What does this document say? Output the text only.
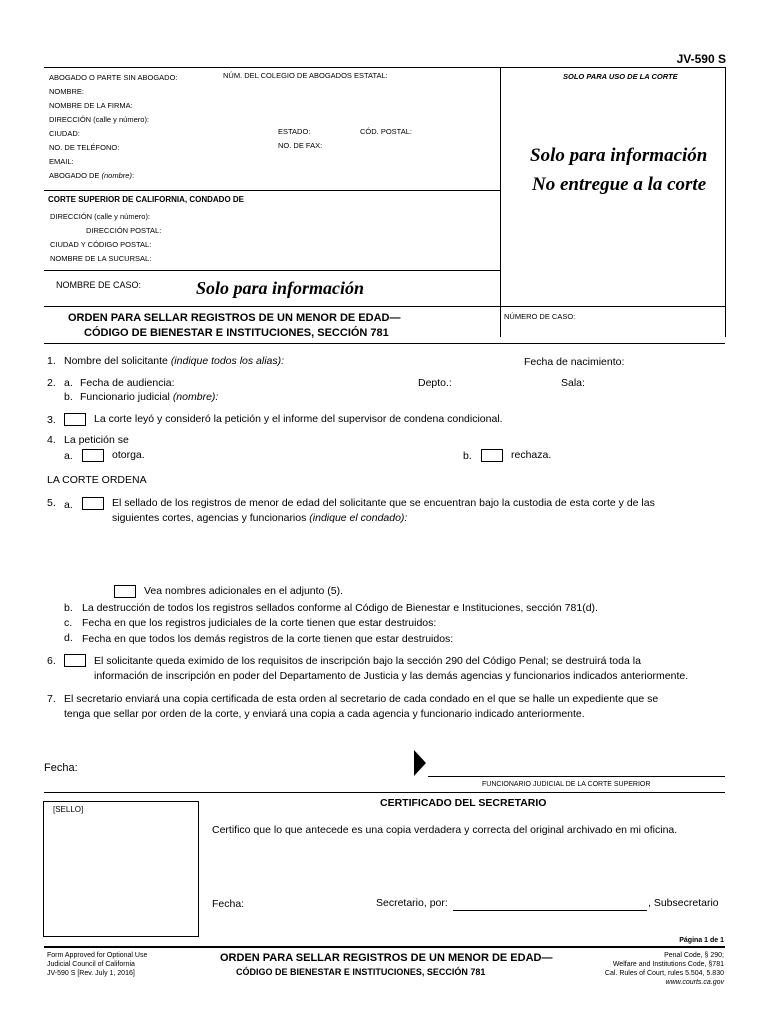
JV-590 S
ABOGADO O PARTE SIN ABOGADO:	NÚM. DEL COLEGIO DE ABOGADOS ESTATAL:	SOLO PARA USO DE LA CORTE
NOMBRE:
NOMBRE DE LA FIRMA:
DIRECCIÓN (calle y número):
CIUDAD:	ESTADO:	CÓD. POSTAL:
NO. DE TELÉFONO:	NO. DE FAX:
EMAIL:
ABOGADO DE (nombre):
Solo para información
No entregue a la corte
CORTE SUPERIOR DE CALIFORNIA, CONDADO DE
DIRECCIÓN (calle y número):
DIRECCIÓN POSTAL:
CIUDAD Y CÓDIGO POSTAL:
NOMBRE DE LA SUCURSAL:
NOMBRE DE CASO:	Solo para información
NÚMERO DE CASO:
ORDEN PARA SELLAR REGISTROS DE UN MENOR DE EDAD—
CÓDIGO DE BIENESTAR E INSTITUCIONES, SECCIÓN 781
1. Nombre del solicitante (indique todos los alias):	Fecha de nacimiento:
2. a. Fecha de audiencia:	Depto.:	Sala:
b. Funcionario judicial (nombre):
3.	La corte leyó y consideró la petición y el informe del supervisor de condena condicional.
4. La petición se
a.	otorga.	b.	rechaza.
LA CORTE ORDENA
5. a.	El sellado de los registros de menor de edad del solicitante que se encuentran bajo la custodia de esta corte y de las
siguientes cortes, agencias y funcionarios (indique el condado):
Vea nombres adicionales en el adjunto (5).
b. La destrucción de todos los registros sellados conforme al Código de Bienestar e Instituciones, sección 781(d).
c. Fecha en que los registros judiciales de la corte tienen que estar destruidos:
d. Fecha en que todos los demás registros de la corte tienen que estar destruidos:
6.	El solicitante queda eximido de los requisitos de inscripción bajo la sección 290 del Código Penal; se destruirá toda la
información de inscripción en poder del Departamento de Justicia y las demás agencias y funcionarios indicados anteriormente.
7. El secretario enviará una copia certificada de esta orden al secretario de cada condado en el que se halle un expediente que se
tenga que sellar por orden de la corte, y enviará una copia a cada agencia y funcionario indicado anteriormente.
Fecha:
FUNCIONARIO JUDICIAL DE LA CORTE SUPERIOR
[SELLO]
CERTIFICADO DEL SECRETARIO
Certifico que lo que antecede es una copia verdadera y correcta del original archivado en mi oficina.
Fecha:	Secretario, por:	, Subsecretario
Página 1 de 1
Form Approved for Optional Use
Judicial Council of California
JV-590 S [Rev. July 1, 2016]
ORDEN PARA SELLAR REGISTROS DE UN MENOR DE EDAD—
CÓDIGO DE BIENESTAR E INSTITUCIONES, SECCIÓN 781
Penal Code, § 290;
Welfare and Institutions Code, §781
Cal. Rules of Court, rules 5.504, 5.830
www.courts.ca.gov
